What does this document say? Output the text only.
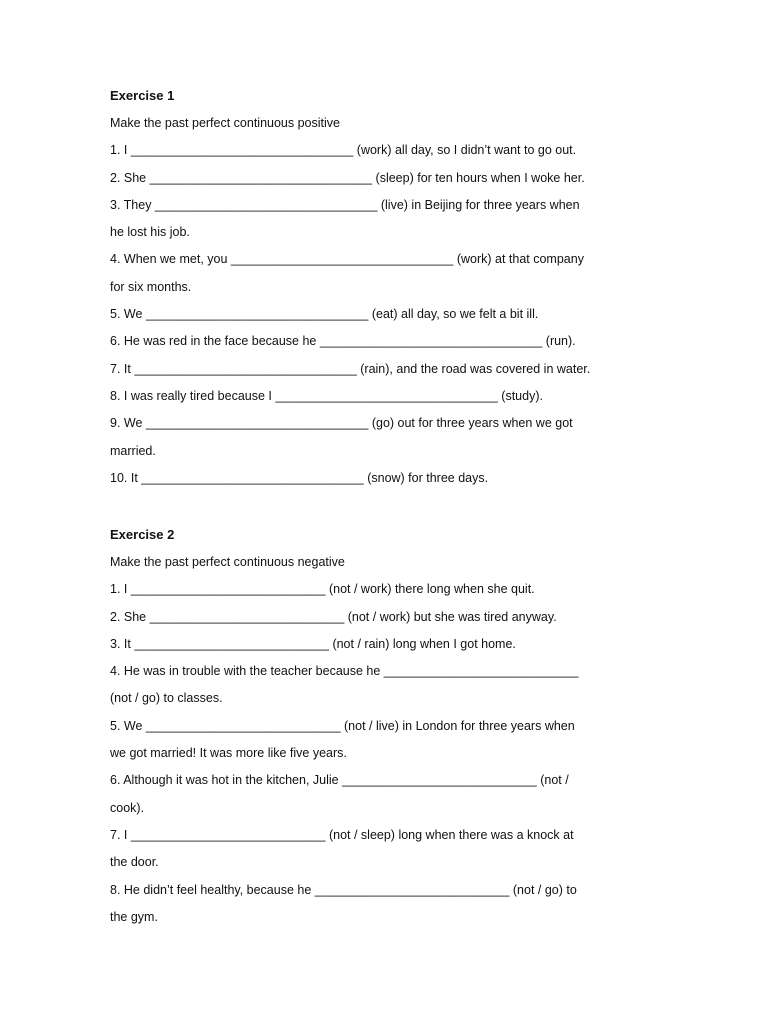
Exercise 1
Make the past perfect continuous positive
1. I ________________________________ (work) all day, so I didn’t want to go out.
2. She ________________________________ (sleep) for ten hours when I woke her.
3. They ________________________________ (live) in Beijing for three years when
he lost his job.
4. When we met, you ________________________________ (work) at that company
for six months.
5. We ________________________________ (eat) all day, so we felt a bit ill.
6. He was red in the face because he ________________________________ (run).
7. It ________________________________ (rain), and the road was covered in water.
8. I was really tired because I ________________________________ (study).
9. We ________________________________ (go) out for three years when we got
married.
10. It ________________________________ (snow) for three days.
Exercise 2
Make the past perfect continuous negative
1. I ____________________________ (not / work) there long when she quit.
2. She ____________________________ (not / work) but she was tired anyway.
3. It ____________________________ (not / rain) long when I got home.
4. He was in trouble with the teacher because he ____________________________
(not / go) to classes.
5. We ____________________________ (not / live) in London for three years when
we got married! It was more like five years.
6. Although it was hot in the kitchen, Julie ____________________________ (not /
cook).
7. I ____________________________ (not / sleep) long when there was a knock at
the door.
8. He didn’t feel healthy, because he ____________________________ (not / go) to
the gym.
